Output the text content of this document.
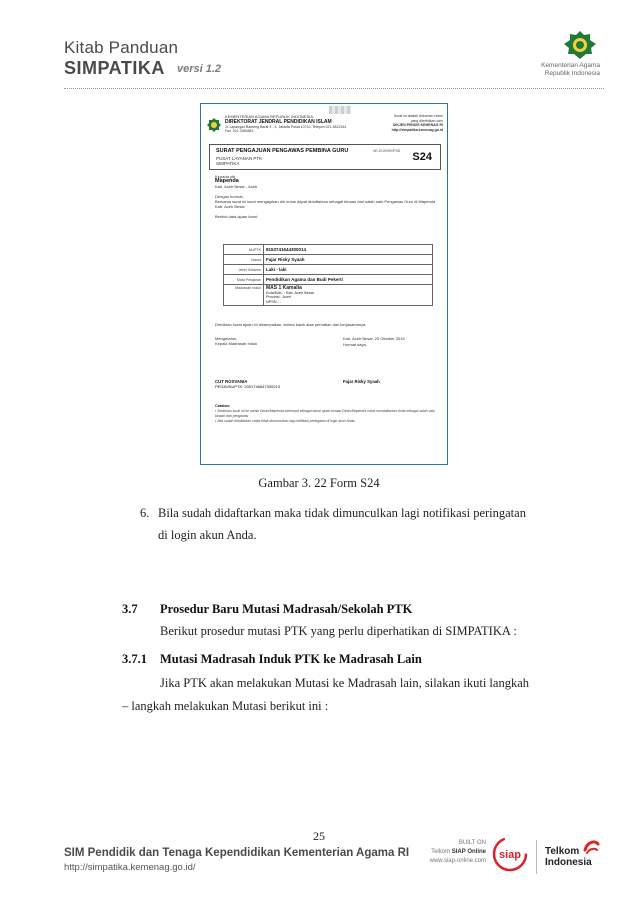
Kitab Panduan
SIMPATIKA versi 1.2	Kementerian Agama
Republik Indonesia
KEMENTERIAN AGAMA REPUBLIK INDONESIA
DIREKTORAT JENDRAL PENDIDIKAN ISLAM
Jl. Lapangan Banteng Barat 3 - 4, Jakarta Pusat 10710, Telepon 021-3812344
Fax. 021-3483981
Surat ini adalah dokumen resmi
yang diterbitkan oleh
DIKJEN PENDIS KEMENAG RI
http://simpatika.kemenag.go.id
SURAT PENGAJUAN PENGAWAS PEMBINA GURU
PUSAT LAYANAN PTK
SIMPATIKA
NR-2015/09/HPDB S24
Kepada yth,
Mapenda
Kab. Aceh Besar - Aceh
Dengan hormat,
Bersama surat ini kami mengajukan diri untuk dapat didaftarkan sebagai binaan dari salah satu Pengawas Guru di Mapenda Kab. Aceh Besar
Berikut data ajuan kami:
NUPTK	8153741644300014
Nama	Fajar Risky Syaah
Jenis Kelamin	Laki - laki
Mata Pelajaran	Pendidikan Agama dan Budi Pekerti
Madrasah Induk	MAS 1 Kamalia
Kota/Kab. : Kab. Aceh Besar
Provinsi : Aceh
NPSN : -
Demikian surat ajuan ini disampaikan, terima kasih atas perhatian dan kerjasamanya.
Mengetahui,
Kepala Madrasah Induk
Kab. Aceh Besar, 20 Oktober 2015
Hormat saya,
CUT ROSVANIA
PEGID/NUPTK: 2051746647300013
Fajar Risky Syaah
Catatan:
• Serahkan surat ini ke admin Dinas/Mapenda setempat sebagai dasar ajuan binaan Dinas/Mapenda untuk mendaftarkan Anda sebagai salah satu binaan dari pengawas
• Jika sudah didaftarkan maka tidak dimunculkan lagi notifikasi peringatan di login akun Anda.
Gambar 3. 22 Form S24
6. Bila sudah didaftarkan maka tidak dimunculkan lagi notifikasi peringatan
di login akun Anda.
3.7 Prosedur Baru Mutasi Madrasah/Sekolah PTK
Berikut prosedur mutasi PTK yang perlu diperhatikan di SIMPATIKA :
3.7.1 Mutasi Madrasah Induk PTK ke Madrasah Lain
Jika PTK akan melakukan Mutasi ke Madrasah lain, silakan ikuti langkah
– langkah melakukan Mutasi berikut ini :
25
SIM Pendidik dan Tenaga Kependidikan Kementerian Agama RI
http://simpatika.kemenag.go.id/
BUILT ON
Telkom SIAP Online
www.siap-online.com siap Telkom
Indonesia
